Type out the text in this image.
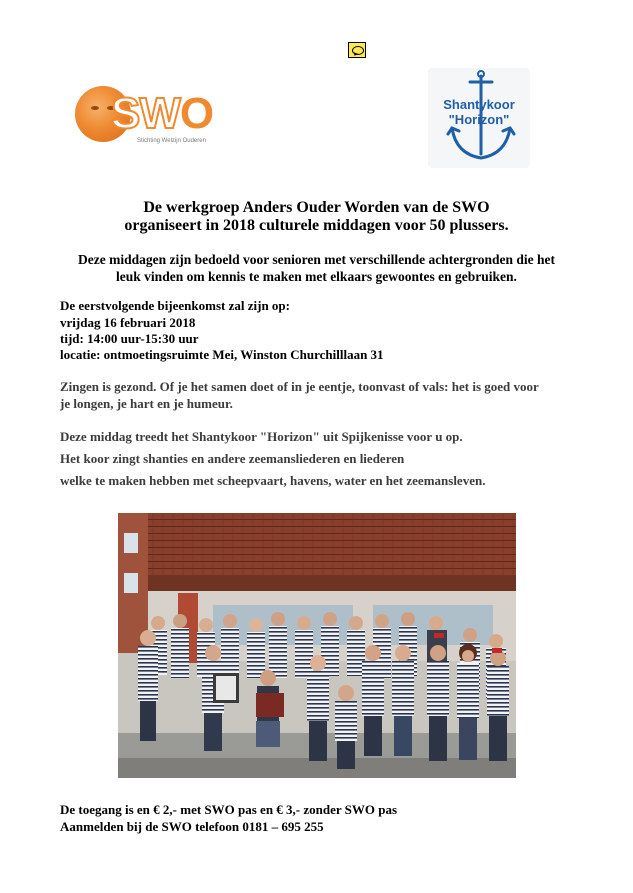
SWO
Stichting Welzijn Ouderen
Shantykoor
"Horizon"
De werkgroep Anders Ouder Worden van de SWO
organiseert in 2018 culturele middagen voor 50 plussers.
Deze middagen zijn bedoeld voor senioren met verschillende achtergronden die het
leuk vinden om kennis te maken met elkaars gewoontes en gebruiken.
De eerstvolgende bijeenkomst zal zijn op:
vrijdag 16 februari 2018
tijd: 14:00 uur-15:30 uur
locatie: ontmoetingsruimte Mei, Winston Churchilllaan 31
Zingen is gezond. Of je het samen doet of in je eentje, toonvast of vals: het is goed voor
je longen, je hart en je humeur.
Deze middag treedt het Shantykoor "Horizon" uit Spijkenisse voor u op.
Het koor zingt shanties en andere zeemansliederen en liederen
welke te maken hebben met scheepvaart, havens, water en het zeemansleven.
De toegang is en € 2,- met SWO pas en € 3,- zonder SWO pas
Aanmelden bij de SWO telefoon 0181 – 695 255
